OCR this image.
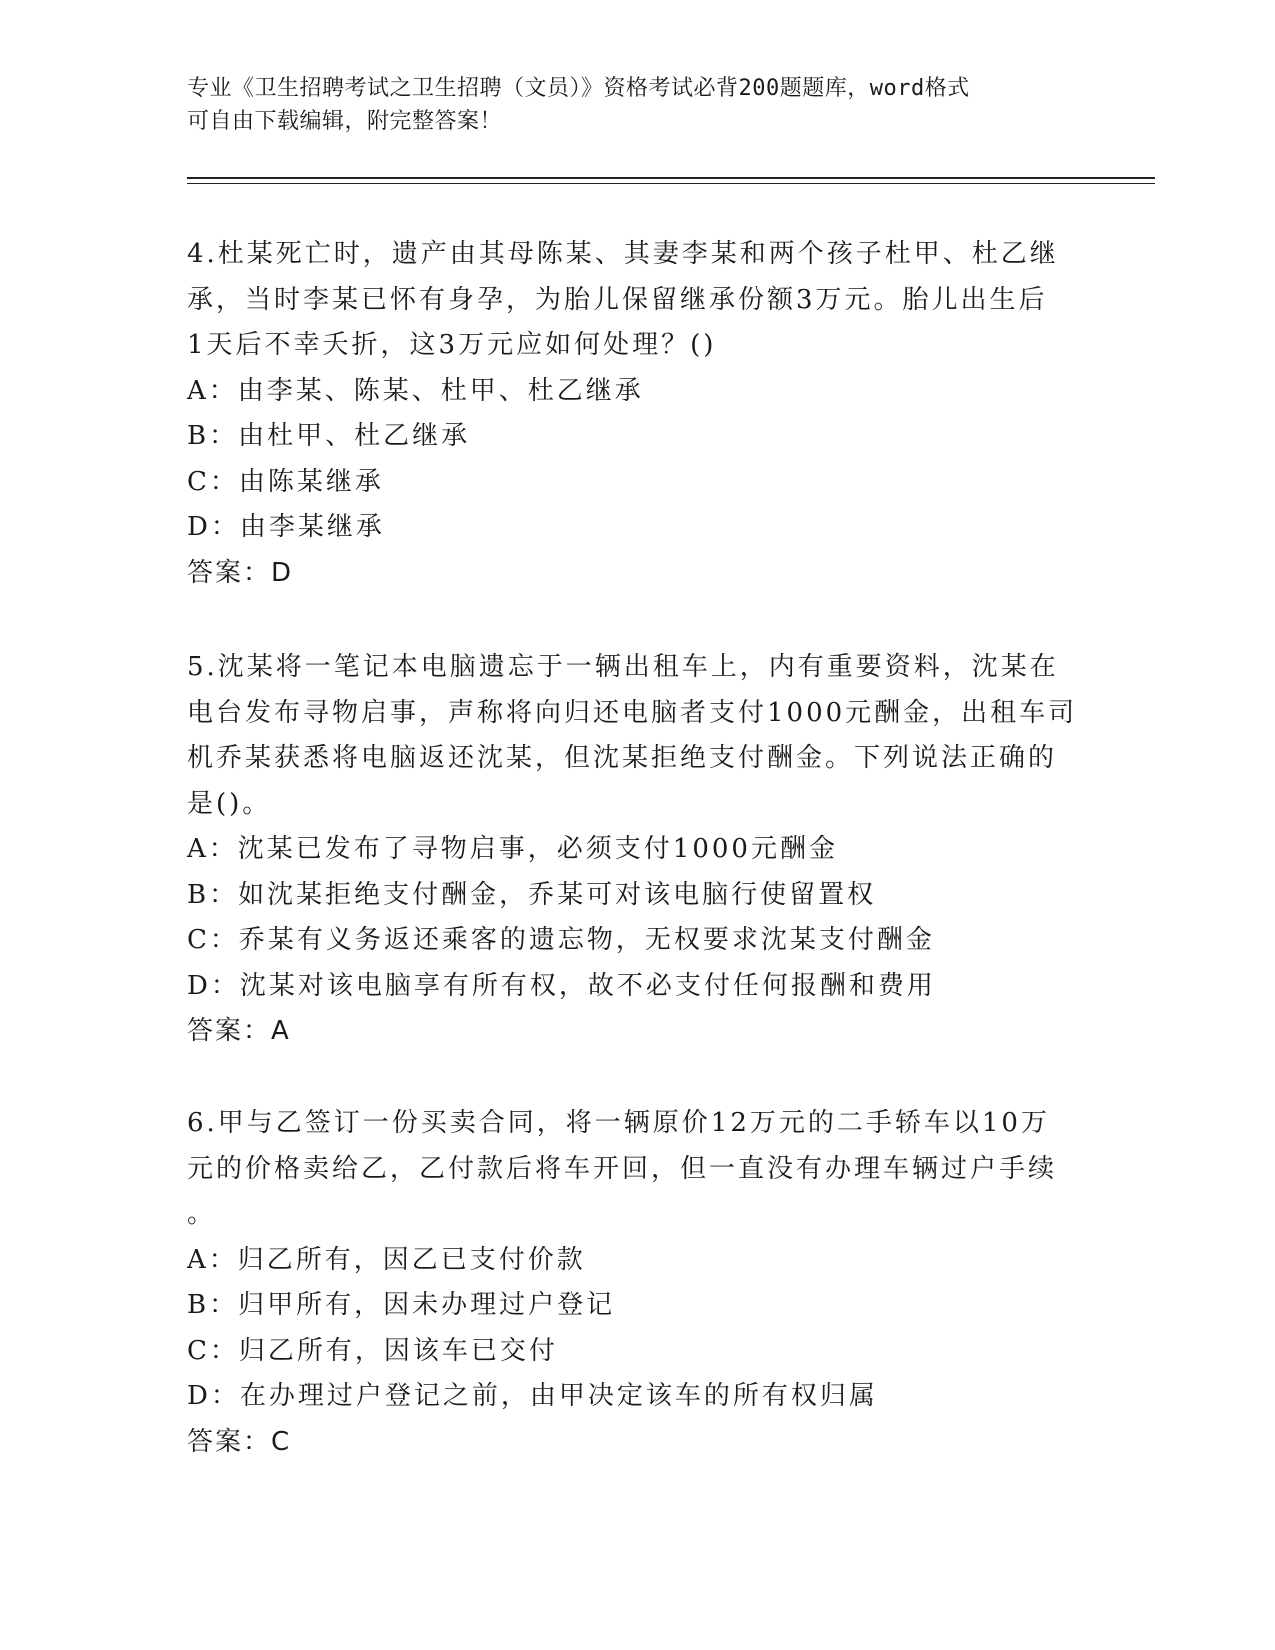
专业《卫生招聘考试之卫生招聘（文员）》资格考试必背200题题库，word格式
可自由下载编辑，附完整答案！
4.杜某死亡时，遗产由其母陈某、其妻李某和两个孩子杜甲、杜乙继
承，当时李某已怀有身孕，为胎儿保留继承份额3万元。胎儿出生后
1天后不幸夭折，这3万元应如何处理？()
A：由李某、陈某、杜甲、杜乙继承
B：由杜甲、杜乙继承
C：由陈某继承
D：由李某继承
答案：D
5.沈某将一笔记本电脑遗忘于一辆出租车上，内有重要资料，沈某在
电台发布寻物启事，声称将向归还电脑者支付1000元酬金，出租车司
机乔某获悉将电脑返还沈某，但沈某拒绝支付酬金。下列说法正确的
是()。
A：沈某已发布了寻物启事，必须支付1000元酬金
B：如沈某拒绝支付酬金，乔某可对该电脑行使留置权
C：乔某有义务返还乘客的遗忘物，无权要求沈某支付酬金
D：沈某对该电脑享有所有权，故不必支付任何报酬和费用
答案：A
6.甲与乙签订一份买卖合同，将一辆原价12万元的二手轿车以10万
元的价格卖给乙，乙付款后将车开回，但一直没有办理车辆过户手续
。
A：归乙所有，因乙已支付价款
B：归甲所有，因未办理过户登记
C：归乙所有，因该车已交付
D：在办理过户登记之前，由甲决定该车的所有权归属
答案：C
